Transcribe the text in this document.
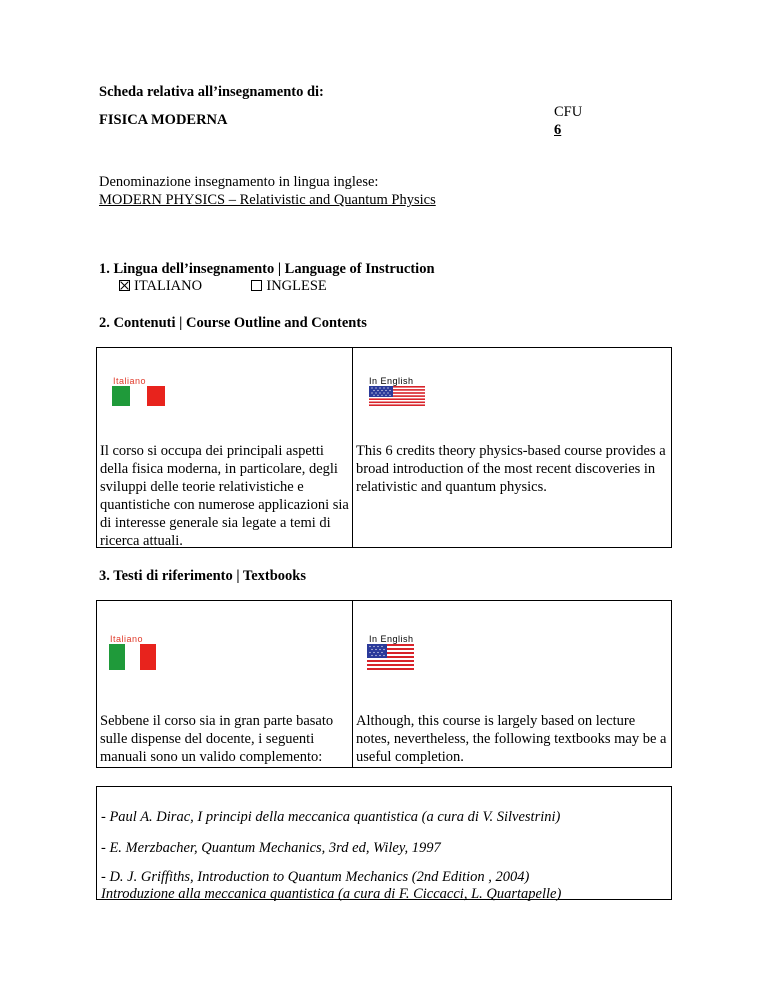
Scheda relativa all’insegnamento di:
FISICA MODERNA	CFU
6
Denominazione insegnamento in lingua inglese:
MODERN PHYSICS – Relativistic and Quantum Physics
1. Lingua dell’insegnamento | Language of Instruction
ITALIANO	INGLESE
2. Contenuti | Course Outline and Contents
Italiano
Il corso si occupa dei principali aspetti della fisica moderna, in particolare, degli sviluppi delle teorie relativistiche e quantistiche con numerose applicazioni sia di interesse generale sia legate a temi di ricerca attuali.
In English
This 6 credits theory physics-based course provides a broad introduction of the most recent discoveries in relativistic and quantum physics.
3. Testi di riferimento | Textbooks
Italiano
Sebbene il corso sia in gran parte basato sulle dispense del docente, i seguenti manuali sono un valido complemento:
In English
Although, this course is largely based on lecture notes, nevertheless, the following textbooks may be a useful completion.
- Paul A. Dirac, I principi della meccanica quantistica (a cura di V. Silvestrini)
- E. Merzbacher, Quantum Mechanics, 3rd ed, Wiley, 1997
- D. J. Griffiths, Introduction to Quantum Mechanics (2nd Edition , 2004)
Introduzione alla meccanica quantistica (a cura di F. Ciccacci, L. Quartapelle)
